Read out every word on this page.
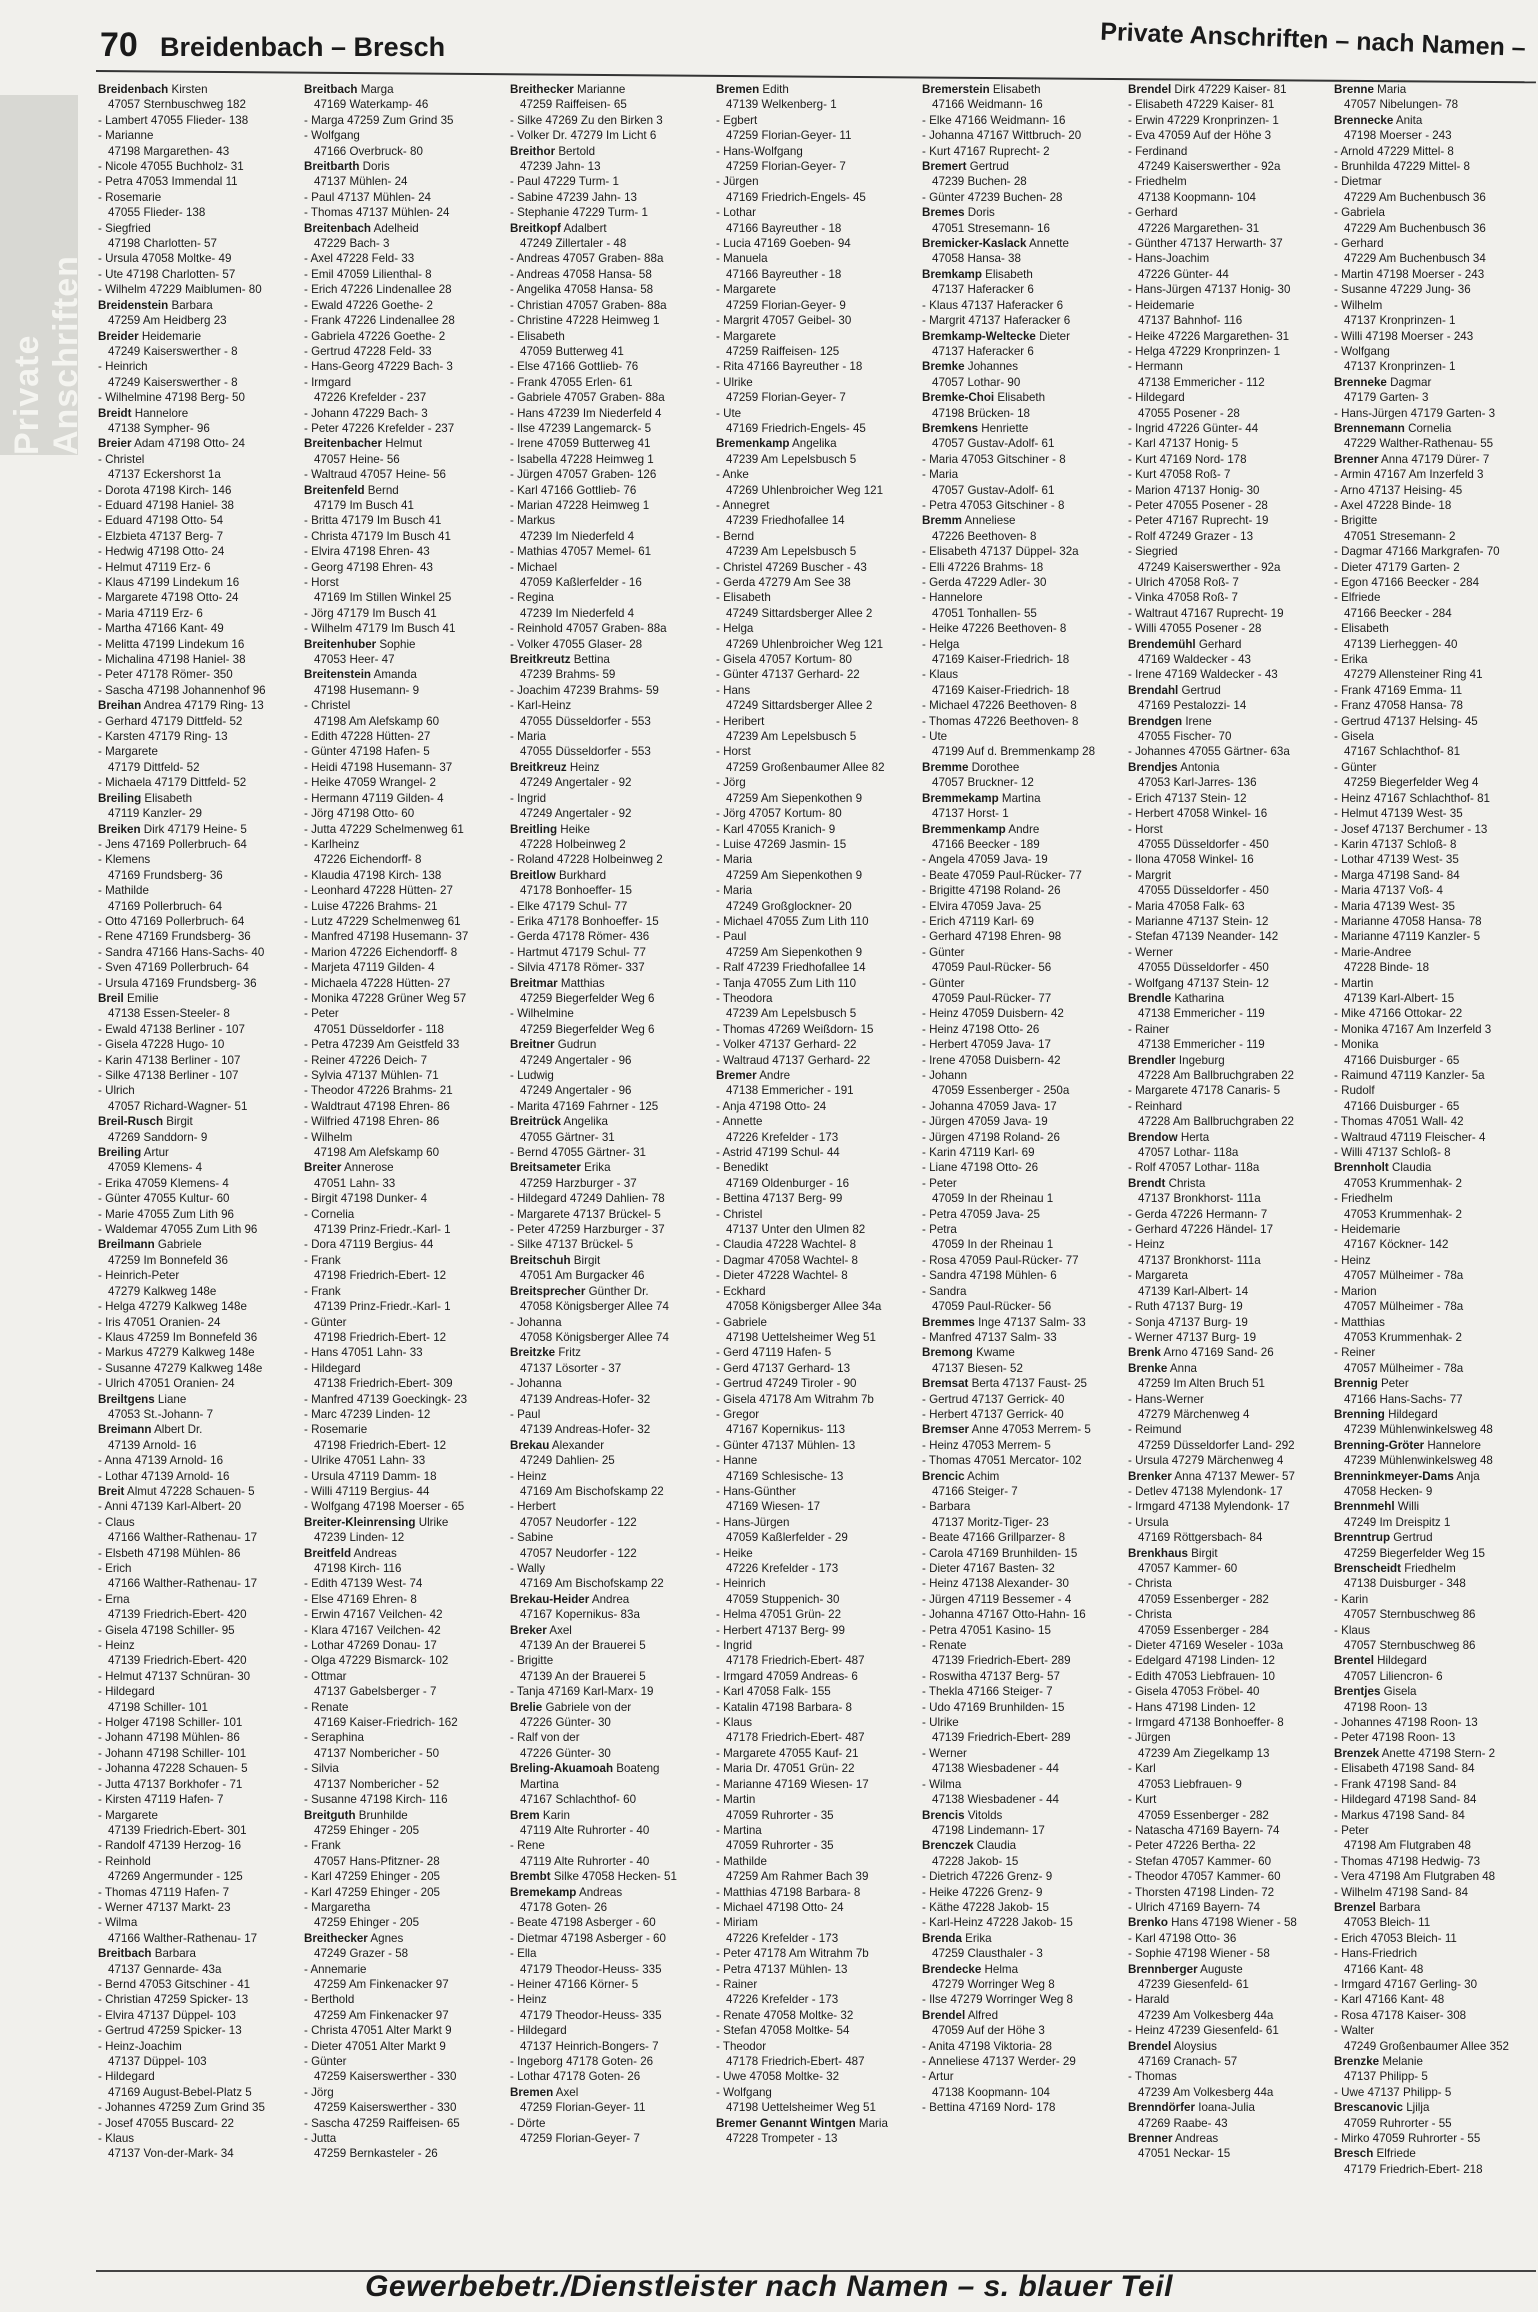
70 Breidenbach – Bresch	Private Anschriften – nach Namen –
Private Anschriften
Breidenbach Kirsten
47057 Sternbuschweg 182
- Lambert 47055 Flieder- 138
- Marianne
47198 Margarethen- 43
- Nicole 47055 Buchholz- 31
- Petra 47053 Immendal 11
- Rosemarie
47055 Flieder- 138
- Siegfried
47198 Charlotten- 57
- Ursula 47058 Moltke- 49
- Ute 47198 Charlotten- 57
- Wilhelm 47229 Maiblumen- 80
Breidenstein Barbara
47259 Am Heidberg 23
Breider Heidemarie
47249 Kaiserswerther - 8
- Heinrich
47249 Kaiserswerther - 8
- Wilhelmine 47198 Berg- 50
Breidt Hannelore
47138 Sympher- 96
Breier Adam 47198 Otto- 24
- Christel
47137 Eckershorst 1a
- Dorota 47198 Kirch- 146
- Eduard 47198 Haniel- 38
- Eduard 47198 Otto- 54
- Elzbieta 47137 Berg- 7
- Hedwig 47198 Otto- 24
- Helmut 47119 Erz- 6
- Klaus 47199 Lindekum 16
- Margarete 47198 Otto- 24
- Maria 47119 Erz- 6
- Martha 47166 Kant- 49
- Melitta 47199 Lindekum 16
- Michalina 47198 Haniel- 38
- Peter 47178 Römer- 350
- Sascha 47198 Johannenhof 96
Breihan Andrea 47179 Ring- 13
- Gerhard 47179 Dittfeld- 52
- Karsten 47179 Ring- 13
- Margarete
47179 Dittfeld- 52
- Michaela 47179 Dittfeld- 52
Breiling Elisabeth
47119 Kanzler- 29
Breiken Dirk 47179 Heine- 5
- Jens 47169 Pollerbruch- 64
- Klemens
47169 Frundsberg- 36
- Mathilde
47169 Pollerbruch- 64
- Otto 47169 Pollerbruch- 64
- Rene 47169 Frundsberg- 36
- Sandra 47166 Hans-Sachs- 40
- Sven 47169 Pollerbruch- 64
- Ursula 47169 Frundsberg- 36
Breil Emilie
47138 Essen-Steeler- 8
- Ewald 47138 Berliner - 107
- Gisela 47228 Hugo- 10
- Karin 47138 Berliner - 107
- Silke 47138 Berliner - 107
- Ulrich
47057 Richard-Wagner- 51
Breil-Rusch Birgit
47269 Sanddorn- 9
Breiling Artur
47059 Klemens- 4
- Erika 47059 Klemens- 4
- Günter 47055 Kultur- 60
- Marie 47055 Zum Lith 96
- Waldemar 47055 Zum Lith 96
Breilmann Gabriele
47259 Im Bonnefeld 36
- Heinrich-Peter
47279 Kalkweg 148e
- Helga 47279 Kalkweg 148e
- Iris 47051 Oranien- 24
- Klaus 47259 Im Bonnefeld 36
- Markus 47279 Kalkweg 148e
- Susanne 47279 Kalkweg 148e
- Ulrich 47051 Oranien- 24
Breiltgens Liane
47053 St.-Johann- 7
Breimann Albert Dr.
47139 Arnold- 16
- Anna 47139 Arnold- 16
- Lothar 47139 Arnold- 16
Breit Almut 47228 Schauen- 5
- Anni 47139 Karl-Albert- 20
- Claus
47166 Walther-Rathenau- 17
- Elsbeth 47198 Mühlen- 86
- Erich
47166 Walther-Rathenau- 17
- Erna
47139 Friedrich-Ebert- 420
- Gisela 47198 Schiller- 95
- Heinz
47139 Friedrich-Ebert- 420
- Helmut 47137 Schnüran- 30
- Hildegard
47198 Schiller- 101
- Holger 47198 Schiller- 101
- Johann 47198 Mühlen- 86
- Johann 47198 Schiller- 101
- Johanna 47228 Schauen- 5
- Jutta 47137 Borkhofer - 71
- Kirsten 47119 Hafen- 7
- Margarete
47139 Friedrich-Ebert- 301
- Randolf 47139 Herzog- 16
- Reinhold
47269 Angermunder - 125
- Thomas 47119 Hafen- 7
- Werner 47137 Markt- 23
- Wilma
47166 Walther-Rathenau- 17
Breitbach Barbara
47137 Gennarde- 43a
- Bernd 47053 Gitschiner - 41
- Christian 47259 Spicker- 13
- Elvira 47137 Düppel- 103
- Gertrud 47259 Spicker- 13
- Heinz-Joachim
47137 Düppel- 103
- Hildegard
47169 August-Bebel-Platz 5
- Johannes 47259 Zum Grind 35
- Josef 47055 Buscard- 22
- Klaus
47137 Von-der-Mark- 34
Breitbach Marga
47169 Waterkamp- 46
- Marga 47259 Zum Grind 35
- Wolfgang
47166 Overbruck- 80
Breitbarth Doris
47137 Mühlen- 24
- Paul 47137 Mühlen- 24
- Thomas 47137 Mühlen- 24
Breitenbach Adelheid
47229 Bach- 3
- Axel 47228 Feld- 33
- Emil 47059 Lilienthal- 8
- Erich 47226 Lindenallee 28
- Ewald 47226 Goethe- 2
- Frank 47226 Lindenallee 28
- Gabriela 47226 Goethe- 2
- Gertrud 47228 Feld- 33
- Hans-Georg 47229 Bach- 3
- Irmgard
47226 Krefelder - 237
- Johann 47229 Bach- 3
- Peter 47226 Krefelder - 237
Breitenbacher Helmut
47057 Heine- 56
- Waltraud 47057 Heine- 56
Breitenfeld Bernd
47179 Im Busch 41
- Britta 47179 Im Busch 41
- Christa 47179 Im Busch 41
- Elvira 47198 Ehren- 43
- Georg 47198 Ehren- 43
- Horst
47169 Im Stillen Winkel 25
- Jörg 47179 Im Busch 41
- Wilhelm 47179 Im Busch 41
Breitenhuber Sophie
47053 Heer- 47
Breitenstein Amanda
47198 Husemann- 9
- Christel
47198 Am Alefskamp 60
- Edith 47228 Hütten- 27
- Günter 47198 Hafen- 5
- Heidi 47198 Husemann- 37
- Heike 47059 Wrangel- 2
- Hermann 47119 Gilden- 4
- Jörg 47198 Otto- 60
- Jutta 47229 Schelmenweg 61
- Karlheinz
47226 Eichendorff- 8
- Klaudia 47198 Kirch- 138
- Leonhard 47228 Hütten- 27
- Luise 47226 Brahms- 21
- Lutz 47229 Schelmenweg 61
- Manfred 47198 Husemann- 37
- Marion 47226 Eichendorff- 8
- Marjeta 47119 Gilden- 4
- Michaela 47228 Hütten- 27
- Monika 47228 Grüner Weg 57
- Peter
47051 Düsseldorfer - 118
- Petra 47239 Am Geistfeld 33
- Reiner 47226 Deich- 7
- Sylvia 47137 Mühlen- 71
- Theodor 47226 Brahms- 21
- Waldtraut 47198 Ehren- 86
- Wilfried 47198 Ehren- 86
- Wilhelm
47198 Am Alefskamp 60
Breiter Annerose
47051 Lahn- 33
- Birgit 47198 Dunker- 4
- Cornelia
47139 Prinz-Friedr.-Karl- 1
- Dora 47119 Bergius- 44
- Frank
47198 Friedrich-Ebert- 12
- Frank
47139 Prinz-Friedr.-Karl- 1
- Günter
47198 Friedrich-Ebert- 12
- Hans 47051 Lahn- 33
- Hildegard
47138 Friedrich-Ebert- 309
- Manfred 47139 Goeckingk- 23
- Marc 47239 Linden- 12
- Rosemarie
47198 Friedrich-Ebert- 12
- Ulrike 47051 Lahn- 33
- Ursula 47119 Damm- 18
- Willi 47119 Bergius- 44
- Wolfgang 47198 Moerser - 65
Breiter-Kleinrensing Ulrike
47239 Linden- 12
Breitfeld Andreas
47198 Kirch- 116
- Edith 47139 West- 74
- Else 47169 Ehren- 8
- Erwin 47167 Veilchen- 42
- Klara 47167 Veilchen- 42
- Lothar 47269 Donau- 17
- Olga 47229 Bismarck- 102
- Ottmar
47137 Gabelsberger - 7
- Renate
47169 Kaiser-Friedrich- 162
- Seraphina
47137 Nombericher - 50
- Silvia
47137 Nombericher - 52
- Susanne 47198 Kirch- 116
Breitguth Brunhilde
47259 Ehinger - 205
- Frank
47057 Hans-Pfitzner- 28
- Karl 47259 Ehinger - 205
- Karl 47259 Ehinger - 205
- Margaretha
47259 Ehinger - 205
Breithecker Agnes
47249 Grazer - 58
- Annemarie
47259 Am Finkenacker 97
- Berthold
47259 Am Finkenacker 97
- Christa 47051 Alter Markt 9
- Dieter 47051 Alter Markt 9
- Günter
47259 Kaiserswerther - 330
- Jörg
47259 Kaiserswerther - 330
- Sascha 47259 Raiffeisen- 65
- Jutta
47259 Bernkasteler - 26
Breithecker Marianne
47259 Raiffeisen- 65
- Silke 47269 Zu den Birken 3
- Volker Dr. 47279 Im Licht 6
Breithor Bertold
47239 Jahn- 13
- Paul 47229 Turm- 1
- Sabine 47239 Jahn- 13
- Stephanie 47229 Turm- 1
Breitkopf Adalbert
47249 Zillertaler - 48
- Andreas 47057 Graben- 88a
- Andreas 47058 Hansa- 58
- Angelika 47058 Hansa- 58
- Christian 47057 Graben- 88a
- Christine 47228 Heimweg 1
- Elisabeth
47059 Butterweg 41
- Else 47166 Gottlieb- 76
- Frank 47055 Erlen- 61
- Gabriele 47057 Graben- 88a
- Hans 47239 Im Niederfeld 4
- Ilse 47239 Langemarck- 5
- Irene 47059 Butterweg 41
- Isabella 47228 Heimweg 1
- Jürgen 47057 Graben- 126
- Karl 47166 Gottlieb- 76
- Marian 47228 Heimweg 1
- Markus
47239 Im Niederfeld 4
- Mathias 47057 Memel- 61
- Michael
47059 Kaßlerfelder - 16
- Regina
47239 Im Niederfeld 4
- Reinhold 47057 Graben- 88a
- Volker 47055 Glaser- 28
Breitkreutz Bettina
47239 Brahms- 59
- Joachim 47239 Brahms- 59
- Karl-Heinz
47055 Düsseldorfer - 553
- Maria
47055 Düsseldorfer - 553
Breitkreuz Heinz
47249 Angertaler - 92
- Ingrid
47249 Angertaler - 92
Breitling Heike
47228 Holbeinweg 2
- Roland 47228 Holbeinweg 2
Breitlow Burkhard
47178 Bonhoeffer- 15
- Elke 47179 Schul- 77
- Erika 47178 Bonhoeffer- 15
- Gerda 47178 Römer- 436
- Hartmut 47179 Schul- 77
- Silvia 47178 Römer- 337
Breitmar Matthias
47259 Biegerfelder Weg 6
- Wilhelmine
47259 Biegerfelder Weg 6
Breitner Gudrun
47249 Angertaler - 96
- Ludwig
47249 Angertaler - 96
- Marita 47169 Fahrner - 125
Breitrück Angelika
47055 Gärtner- 31
- Bernd 47055 Gärtner- 31
Breitsameter Erika
47259 Harzburger - 37
- Hildegard 47249 Dahlien- 78
- Margarete 47137 Brückel- 5
- Peter 47259 Harzburger - 37
- Silke 47137 Brückel- 5
Breitschuh Birgit
47051 Am Burgacker 46
Breitsprecher Günther Dr.
47058 Königsberger Allee 74
- Johanna
47058 Königsberger Allee 74
Breitzke Fritz
47137 Lösorter - 37
- Johanna
47139 Andreas-Hofer- 32
- Paul
47139 Andreas-Hofer- 32
Brekau Alexander
47249 Dahlien- 25
- Heinz
47169 Am Bischofskamp 22
- Herbert
47057 Neudorfer - 122
- Sabine
47057 Neudorfer - 122
- Wally
47169 Am Bischofskamp 22
Brekau-Heider Andrea
47167 Kopernikus- 83a
Breker Axel
47139 An der Brauerei 5
- Brigitte
47139 An der Brauerei 5
- Tanja 47169 Karl-Marx- 19
Brelie Gabriele von der
47226 Günter- 30
- Ralf von der
47226 Günter- 30
Breling-Akuamoah Boateng
Martina
47167 Schlachthof- 60
Brem Karin
47119 Alte Ruhrorter - 40
- Rene
47119 Alte Ruhrorter - 40
Brembt Silke 47058 Hecken- 51
Bremekamp Andreas
47178 Goten- 26
- Beate 47198 Asberger - 60
- Dietmar 47198 Asberger - 60
- Ella
47179 Theodor-Heuss- 335
- Heiner 47166 Körner- 5
- Heinz
47179 Theodor-Heuss- 335
- Hildegard
47137 Heinrich-Bongers- 7
- Ingeborg 47178 Goten- 26
- Lothar 47178 Goten- 26
Bremen Axel
47259 Florian-Geyer- 11
- Dörte
47259 Florian-Geyer- 7
Bremen Edith
47139 Welkenberg- 1
- Egbert
47259 Florian-Geyer- 11
- Hans-Wolfgang
47259 Florian-Geyer- 7
- Jürgen
47169 Friedrich-Engels- 45
- Lothar
47166 Bayreuther - 18
- Lucia 47169 Goeben- 94
- Manuela
47166 Bayreuther - 18
- Margarete
47259 Florian-Geyer- 9
- Margrit 47057 Geibel- 30
- Margarete
47259 Raiffeisen- 125
- Rita 47166 Bayreuther - 18
- Ulrike
47259 Florian-Geyer- 7
- Ute
47169 Friedrich-Engels- 45
Bremenkamp Angelika
47239 Am Lepelsbusch 5
- Anke
47269 Uhlenbroicher Weg 121
- Annegret
47239 Friedhofallee 14
- Bernd
47239 Am Lepelsbusch 5
- Christel 47269 Buscher - 43
- Gerda 47279 Am See 38
- Elisabeth
47249 Sittardsberger Allee 2
- Helga
47269 Uhlenbroicher Weg 121
- Gisela 47057 Kortum- 80
- Günter 47137 Gerhard- 22
- Hans
47249 Sittardsberger Allee 2
- Heribert
47239 Am Lepelsbusch 5
- Horst
47259 Großenbaumer Allee 82
- Jörg
47259 Am Siepenkothen 9
- Jörg 47057 Kortum- 80
- Karl 47055 Kranich- 9
- Luise 47269 Jasmin- 15
- Maria
47259 Am Siepenkothen 9
- Maria
47249 Großglockner- 20
- Michael 47055 Zum Lith 110
- Paul
47259 Am Siepenkothen 9
- Ralf 47239 Friedhofallee 14
- Tanja 47055 Zum Lith 110
- Theodora
47239 Am Lepelsbusch 5
- Thomas 47269 Weißdorn- 15
- Volker 47137 Gerhard- 22
- Waltraud 47137 Gerhard- 22
Bremer Andre
47138 Emmericher - 191
- Anja 47198 Otto- 24
- Annette
47226 Krefelder - 173
- Astrid 47199 Schul- 44
- Benedikt
47169 Oldenburger - 16
- Bettina 47137 Berg- 99
- Christel
47137 Unter den Ulmen 82
- Claudia 47228 Wachtel- 8
- Dagmar 47058 Wachtel- 8
- Dieter 47228 Wachtel- 8
- Eckhard
47058 Königsberger Allee 34a
- Gabriele
47198 Uettelsheimer Weg 51
- Gerd 47119 Hafen- 5
- Gerd 47137 Gerhard- 13
- Gertrud 47249 Tiroler - 90
- Gisela 47178 Am Witrahm 7b
- Gregor
47167 Kopernikus- 113
- Günter 47137 Mühlen- 13
- Hanne
47169 Schlesische- 13
- Hans-Günther
47169 Wiesen- 17
- Hans-Jürgen
47059 Kaßlerfelder - 29
- Heike
47226 Krefelder - 173
- Heinrich
47059 Stuppenich- 30
- Helma 47051 Grün- 22
- Herbert 47137 Berg- 99
- Ingrid
47178 Friedrich-Ebert- 487
- Irmgard 47059 Andreas- 6
- Karl 47058 Falk- 155
- Katalin 47198 Barbara- 8
- Klaus
47178 Friedrich-Ebert- 487
- Margarete 47055 Kauf- 21
- Maria Dr. 47051 Grün- 22
- Marianne 47169 Wiesen- 17
- Martin
47059 Ruhrorter - 35
- Martina
47059 Ruhrorter - 35
- Mathilde
47259 Am Rahmer Bach 39
- Matthias 47198 Barbara- 8
- Michael 47198 Otto- 24
- Miriam
47226 Krefelder - 173
- Peter 47178 Am Witrahm 7b
- Petra 47137 Mühlen- 13
- Rainer
47226 Krefelder - 173
- Renate 47058 Moltke- 32
- Stefan 47058 Moltke- 54
- Theodor
47178 Friedrich-Ebert- 487
- Uwe 47058 Moltke- 32
- Wolfgang
47198 Uettelsheimer Weg 51
Bremer Genannt Wintgen Maria
47228 Trompeter - 13
Bremerstein Elisabeth
47166 Weidmann- 16
- Elke 47166 Weidmann- 16
- Johanna 47167 Wittbruch- 20
- Kurt 47167 Ruprecht- 2
Bremert Gertrud
47239 Buchen- 28
- Günter 47239 Buchen- 28
Bremes Doris
47051 Stresemann- 16
Bremicker-Kaslack Annette
47058 Hansa- 38
Bremkamp Elisabeth
47137 Haferacker 6
- Klaus 47137 Haferacker 6
- Margrit 47137 Haferacker 6
Bremkamp-Weltecke Dieter
47137 Haferacker 6
Bremke Johannes
47057 Lothar- 90
Bremke-Choi Elisabeth
47198 Brücken- 18
Bremkens Henriette
47057 Gustav-Adolf- 61
- Maria 47053 Gitschiner - 8
- Maria
47057 Gustav-Adolf- 61
- Petra 47053 Gitschiner - 8
Bremm Anneliese
47226 Beethoven- 8
- Elisabeth 47137 Düppel- 32a
- Elli 47226 Brahms- 18
- Gerda 47229 Adler- 30
- Hannelore
47051 Tonhallen- 55
- Heike 47226 Beethoven- 8
- Helga
47169 Kaiser-Friedrich- 18
- Klaus
47169 Kaiser-Friedrich- 18
- Michael 47226 Beethoven- 8
- Thomas 47226 Beethoven- 8
- Ute
47199 Auf d. Bremmenkamp 28
Bremme Dorothee
47057 Bruckner- 12
Bremmekamp Martina
47137 Horst- 1
Bremmenkamp Andre
47166 Beecker - 189
- Angela 47059 Java- 19
- Beate 47059 Paul-Rücker- 77
- Brigitte 47198 Roland- 26
- Elvira 47059 Java- 25
- Erich 47119 Karl- 69
- Gerhard 47198 Ehren- 98
- Günter
47059 Paul-Rücker- 56
- Günter
47059 Paul-Rücker- 77
- Heinz 47059 Duisbern- 42
- Heinz 47198 Otto- 26
- Herbert 47059 Java- 17
- Irene 47058 Duisbern- 42
- Johann
47059 Essenberger - 250a
- Johanna 47059 Java- 17
- Jürgen 47059 Java- 19
- Jürgen 47198 Roland- 26
- Karin 47119 Karl- 69
- Liane 47198 Otto- 26
- Peter
47059 In der Rheinau 1
- Petra 47059 Java- 25
- Petra
47059 In der Rheinau 1
- Rosa 47059 Paul-Rücker- 77
- Sandra 47198 Mühlen- 6
- Sandra
47059 Paul-Rücker- 56
Bremmes Inge 47137 Salm- 33
- Manfred 47137 Salm- 33
Bremong Kwame
47137 Biesen- 52
Bremsat Berta 47137 Faust- 25
- Gertrud 47137 Gerrick- 40
- Herbert 47137 Gerrick- 40
Bremser Anne 47053 Merrem- 5
- Heinz 47053 Merrem- 5
- Thomas 47051 Mercator- 102
Brencic Achim
47166 Steiger- 7
- Barbara
47137 Moritz-Tiger- 23
- Beate 47166 Grillparzer- 8
- Carola 47169 Brunhilden- 15
- Dieter 47167 Basten- 32
- Heinz 47138 Alexander- 30
- Jürgen 47119 Bessemer - 4
- Johanna 47167 Otto-Hahn- 16
- Petra 47051 Kasino- 15
- Renate
47139 Friedrich-Ebert- 289
- Roswitha 47137 Berg- 57
- Thekla 47166 Steiger- 7
- Udo 47169 Brunhilden- 15
- Ulrike
47139 Friedrich-Ebert- 289
- Werner
47138 Wiesbadener - 44
- Wilma
47138 Wiesbadener - 44
Brencis Vitolds
47198 Lindemann- 17
Brenczek Claudia
47228 Jakob- 15
- Dietrich 47226 Grenz- 9
- Heike 47226 Grenz- 9
- Käthe 47228 Jakob- 15
- Karl-Heinz 47228 Jakob- 15
Brenda Erika
47259 Clausthaler - 3
Brendecke Helma
47279 Worringer Weg 8
- Ilse 47279 Worringer Weg 8
Brendel Alfred
47059 Auf der Höhe 3
- Anita 47198 Viktoria- 28
- Anneliese 47137 Werder- 29
- Artur
47138 Koopmann- 104
- Bettina 47169 Nord- 178
Brendel Dirk 47229 Kaiser- 81
- Elisabeth 47229 Kaiser- 81
- Erwin 47229 Kronprinzen- 1
- Eva 47059 Auf der Höhe 3
- Ferdinand
47249 Kaiserswerther - 92a
- Friedhelm
47138 Koopmann- 104
- Gerhard
47226 Margarethen- 31
- Günther 47137 Herwarth- 37
- Hans-Joachim
47226 Günter- 44
- Hans-Jürgen 47137 Honig- 30
- Heidemarie
47137 Bahnhof- 116
- Heike 47226 Margarethen- 31
- Helga 47229 Kronprinzen- 1
- Hermann
47138 Emmericher - 112
- Hildegard
47055 Posener - 28
- Ingrid 47226 Günter- 44
- Karl 47137 Honig- 5
- Kurt 47169 Nord- 178
- Kurt 47058 Roß- 7
- Marion 47137 Honig- 30
- Peter 47055 Posener - 28
- Peter 47167 Ruprecht- 19
- Rolf 47249 Grazer - 13
- Siegried
47249 Kaiserswerther - 92a
- Ulrich 47058 Roß- 7
- Vinka 47058 Roß- 7
- Waltraut 47167 Ruprecht- 19
- Willi 47055 Posener - 28
Brendemühl Gerhard
47169 Waldecker - 43
- Irene 47169 Waldecker - 43
Brendahl Gertrud
47169 Pestalozzi- 14
Brendgen Irene
47055 Fischer- 70
- Johannes 47055 Gärtner- 63a
Brendjes Antonia
47053 Karl-Jarres- 136
- Erich 47137 Stein- 12
- Herbert 47058 Winkel- 16
- Horst
47055 Düsseldorfer - 450
- Ilona 47058 Winkel- 16
- Margrit
47055 Düsseldorfer - 450
- Maria 47058 Falk- 63
- Marianne 47137 Stein- 12
- Stefan 47139 Neander- 142
- Werner
47055 Düsseldorfer - 450
- Wolfgang 47137 Stein- 12
Brendle Katharina
47138 Emmericher - 119
- Rainer
47138 Emmericher - 119
Brendler Ingeburg
47228 Am Ballbruchgraben 22
- Margarete 47178 Canaris- 5
- Reinhard
47228 Am Ballbruchgraben 22
Brendow Herta
47057 Lothar- 118a
- Rolf 47057 Lothar- 118a
Brendt Christa
47137 Bronkhorst- 111a
- Gerda 47226 Hermann- 7
- Gerhard 47226 Händel- 17
- Heinz
47137 Bronkhorst- 111a
- Margareta
47139 Karl-Albert- 14
- Ruth 47137 Burg- 19
- Sonja 47137 Burg- 19
- Werner 47137 Burg- 19
Brenk Arno 47169 Sand- 26
Brenke Anna
47259 Im Alten Bruch 51
- Hans-Werner
47279 Märchenweg 4
- Reimund
47259 Düsseldorfer Land- 292
- Ursula 47279 Märchenweg 4
Brenker Anna 47137 Mewer- 57
- Detlev 47138 Mylendonk- 17
- Irmgard 47138 Mylendonk- 17
- Ursula
47169 Röttgersbach- 84
Brenkhaus Birgit
47057 Kammer- 60
- Christa
47059 Essenberger - 282
- Christa
47059 Essenberger - 284
- Dieter 47169 Weseler - 103a
- Edelgard 47198 Linden- 12
- Edith 47053 Liebfrauen- 10
- Gisela 47053 Fröbel- 40
- Hans 47198 Linden- 12
- Irmgard 47138 Bonhoeffer- 8
- Jürgen
47239 Am Ziegelkamp 13
- Karl
47053 Liebfrauen- 9
- Kurt
47059 Essenberger - 282
- Natascha 47169 Bayern- 74
- Peter 47226 Bertha- 22
- Stefan 47057 Kammer- 60
- Theodor 47057 Kammer- 60
- Thorsten 47198 Linden- 72
- Ulrich 47169 Bayern- 74
Brenko Hans 47198 Wiener - 58
- Karl 47198 Otto- 36
- Sophie 47198 Wiener - 58
Brennberger Auguste
47239 Giesenfeld- 61
- Harald
47239 Am Volkesberg 44a
- Heinz 47239 Giesenfeld- 61
Brendel Aloysius
47169 Cranach- 57
- Thomas
47239 Am Volkesberg 44a
Brenndörfer Ioana-Julia
47269 Raabe- 43
Brenner Andreas
47051 Neckar- 15
Brenne Maria
47057 Nibelungen- 78
Brennecke Anita
47198 Moerser - 243
- Arnold 47229 Mittel- 8
- Brunhilda 47229 Mittel- 8
- Dietmar
47229 Am Buchenbusch 36
- Gabriela
47229 Am Buchenbusch 36
- Gerhard
47229 Am Buchenbusch 34
- Martin 47198 Moerser - 243
- Susanne 47229 Jung- 36
- Wilhelm
47137 Kronprinzen- 1
- Willi 47198 Moerser - 243
- Wolfgang
47137 Kronprinzen- 1
Brenneke Dagmar
47179 Garten- 3
- Hans-Jürgen 47179 Garten- 3
Brennemann Cornelia
47229 Walther-Rathenau- 55
Brenner Anna 47179 Dürer- 7
- Armin 47167 Am Inzerfeld 3
- Arno 47137 Heising- 45
- Axel 47228 Binde- 18
- Brigitte
47051 Stresemann- 2
- Dagmar 47166 Markgrafen- 70
- Dieter 47179 Garten- 2
- Egon 47166 Beecker - 284
- Elfriede
47166 Beecker - 284
- Elisabeth
47139 Lierheggen- 40
- Erika
47279 Allensteiner Ring 41
- Frank 47169 Emma- 11
- Franz 47058 Hansa- 78
- Gertrud 47137 Helsing- 45
- Gisela
47167 Schlachthof- 81
- Günter
47259 Biegerfelder Weg 4
- Heinz 47167 Schlachthof- 81
- Helmut 47139 West- 35
- Josef 47137 Berchumer - 13
- Karin 47137 Schloß- 8
- Lothar 47139 West- 35
- Marga 47198 Sand- 84
- Maria 47137 Voß- 4
- Maria 47139 West- 35
- Marianne 47058 Hansa- 78
- Marianne 47119 Kanzler- 5
- Marie-Andree
47228 Binde- 18
- Martin
47139 Karl-Albert- 15
- Mike 47166 Ottokar- 22
- Monika 47167 Am Inzerfeld 3
- Monika
47166 Duisburger - 65
- Raimund 47119 Kanzler- 5a
- Rudolf
47166 Duisburger - 65
- Thomas 47051 Wall- 42
- Waltraud 47119 Fleischer- 4
- Willi 47137 Schloß- 8
Brennholt Claudia
47053 Krummenhak- 2
- Friedhelm
47053 Krummenhak- 2
- Heidemarie
47167 Köckner- 142
- Heinz
47057 Mülheimer - 78a
- Marion
47057 Mülheimer - 78a
- Matthias
47053 Krummenhak- 2
- Reiner
47057 Mülheimer - 78a
Brennig Peter
47166 Hans-Sachs- 77
Brenning Hildegard
47239 Mühlenwinkelsweg 48
Brenning-Gröter Hannelore
47239 Mühlenwinkelsweg 48
Brenninkmeyer-Dams Anja
47058 Hecken- 9
Brennmehl Willi
47249 Im Dreispitz 1
Brenntrup Gertrud
47259 Biegerfelder Weg 15
Brenscheidt Friedhelm
47138 Duisburger - 348
- Karin
47057 Sternbuschweg 86
- Klaus
47057 Sternbuschweg 86
Brentel Hildegard
47057 Liliencron- 6
Brentjes Gisela
47198 Roon- 13
- Johannes 47198 Roon- 13
- Peter 47198 Roon- 13
Brenzek Anette 47198 Stern- 2
- Elisabeth 47198 Sand- 84
- Frank 47198 Sand- 84
- Hildegard 47198 Sand- 84
- Markus 47198 Sand- 84
- Peter
47198 Am Flutgraben 48
- Thomas 47198 Hedwig- 73
- Vera 47198 Am Flutgraben 48
- Wilhelm 47198 Sand- 84
Brenzel Barbara
47053 Bleich- 11
- Erich 47053 Bleich- 11
- Hans-Friedrich
47166 Kant- 48
- Irmgard 47167 Gerling- 30
- Karl 47166 Kant- 48
- Rosa 47178 Kaiser- 308
- Walter
47249 Großenbaumer Allee 352
Brenzke Melanie
47137 Philipp- 5
- Uwe 47137 Philipp- 5
Brescanovic Ljilja
47059 Ruhrorter - 55
- Mirko 47059 Ruhrorter - 55
Bresch Elfriede
47179 Friedrich-Ebert- 218
Gewerbebetr./Dienstleister nach Namen – s. blauer Teil
